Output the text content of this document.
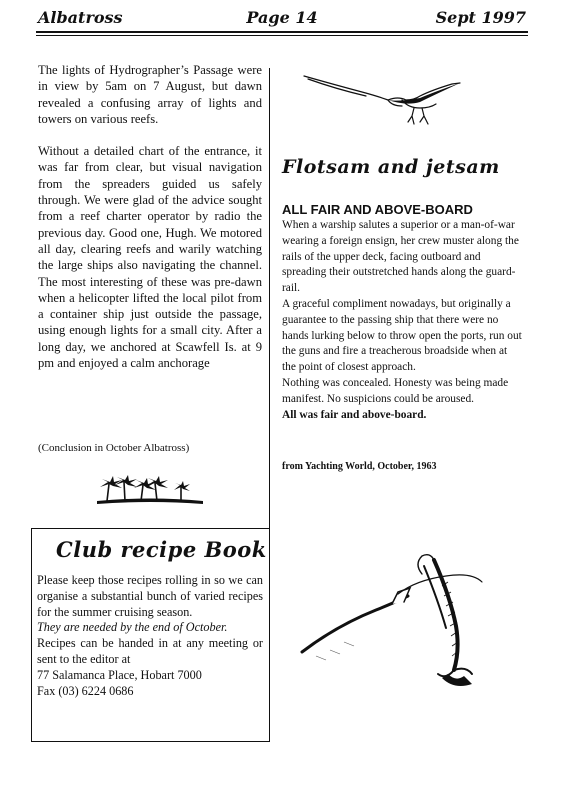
Albatross	Page 14	Sept 1997

The lights of Hydrographer’s Passage were in view by 5am on 7 August, but dawn revealed a confusing array of lights and towers on various reefs.

Without a detailed chart of the entrance, it was far from clear, but visual navigation from the spreaders guided us safely through. We were glad of the advice sought from a reef charter operator by radio the previous day. Good one, Hugh. We motored all day, clearing reefs and warily watching the large ships also navigating the channel. The most interesting of these was pre-dawn when a helicopter lifted the local pilot from a container ship just outside the passage, using enough lights for a small city. After a long day, we anchored at Scawfell Is. at 9 pm and enjoyed a calm anchorage

(Conclusion in October Albatross)
Club recipe Book
Please keep those recipes rolling in so we can organise a substantial bunch of varied recipes for the summer cruising season.
They are needed by the end of October.
Recipes can be handed in at any meeting or sent to the editor at
77 Salamanca Place, Hobart 7000
Fax (03) 6224 0686
Flotsam and jetsam
ALL FAIR AND ABOVE-BOARD
When a warship salutes a superior or a man-of-war wearing a foreign ensign, her crew muster along the rails of the upper deck, facing outboard and spreading their outstretched hands along the guard-rail.
A graceful compliment nowadays, but originally a guarantee to the passing ship that there were no hands lurking below to throw open the ports, run out the guns and fire a treacherous broadside when at the point of closest approach.
Nothing was concealed. Honesty was being made manifest. No suspicions could be aroused.
All was fair and above-board.
from Yachting World, October, 1963
